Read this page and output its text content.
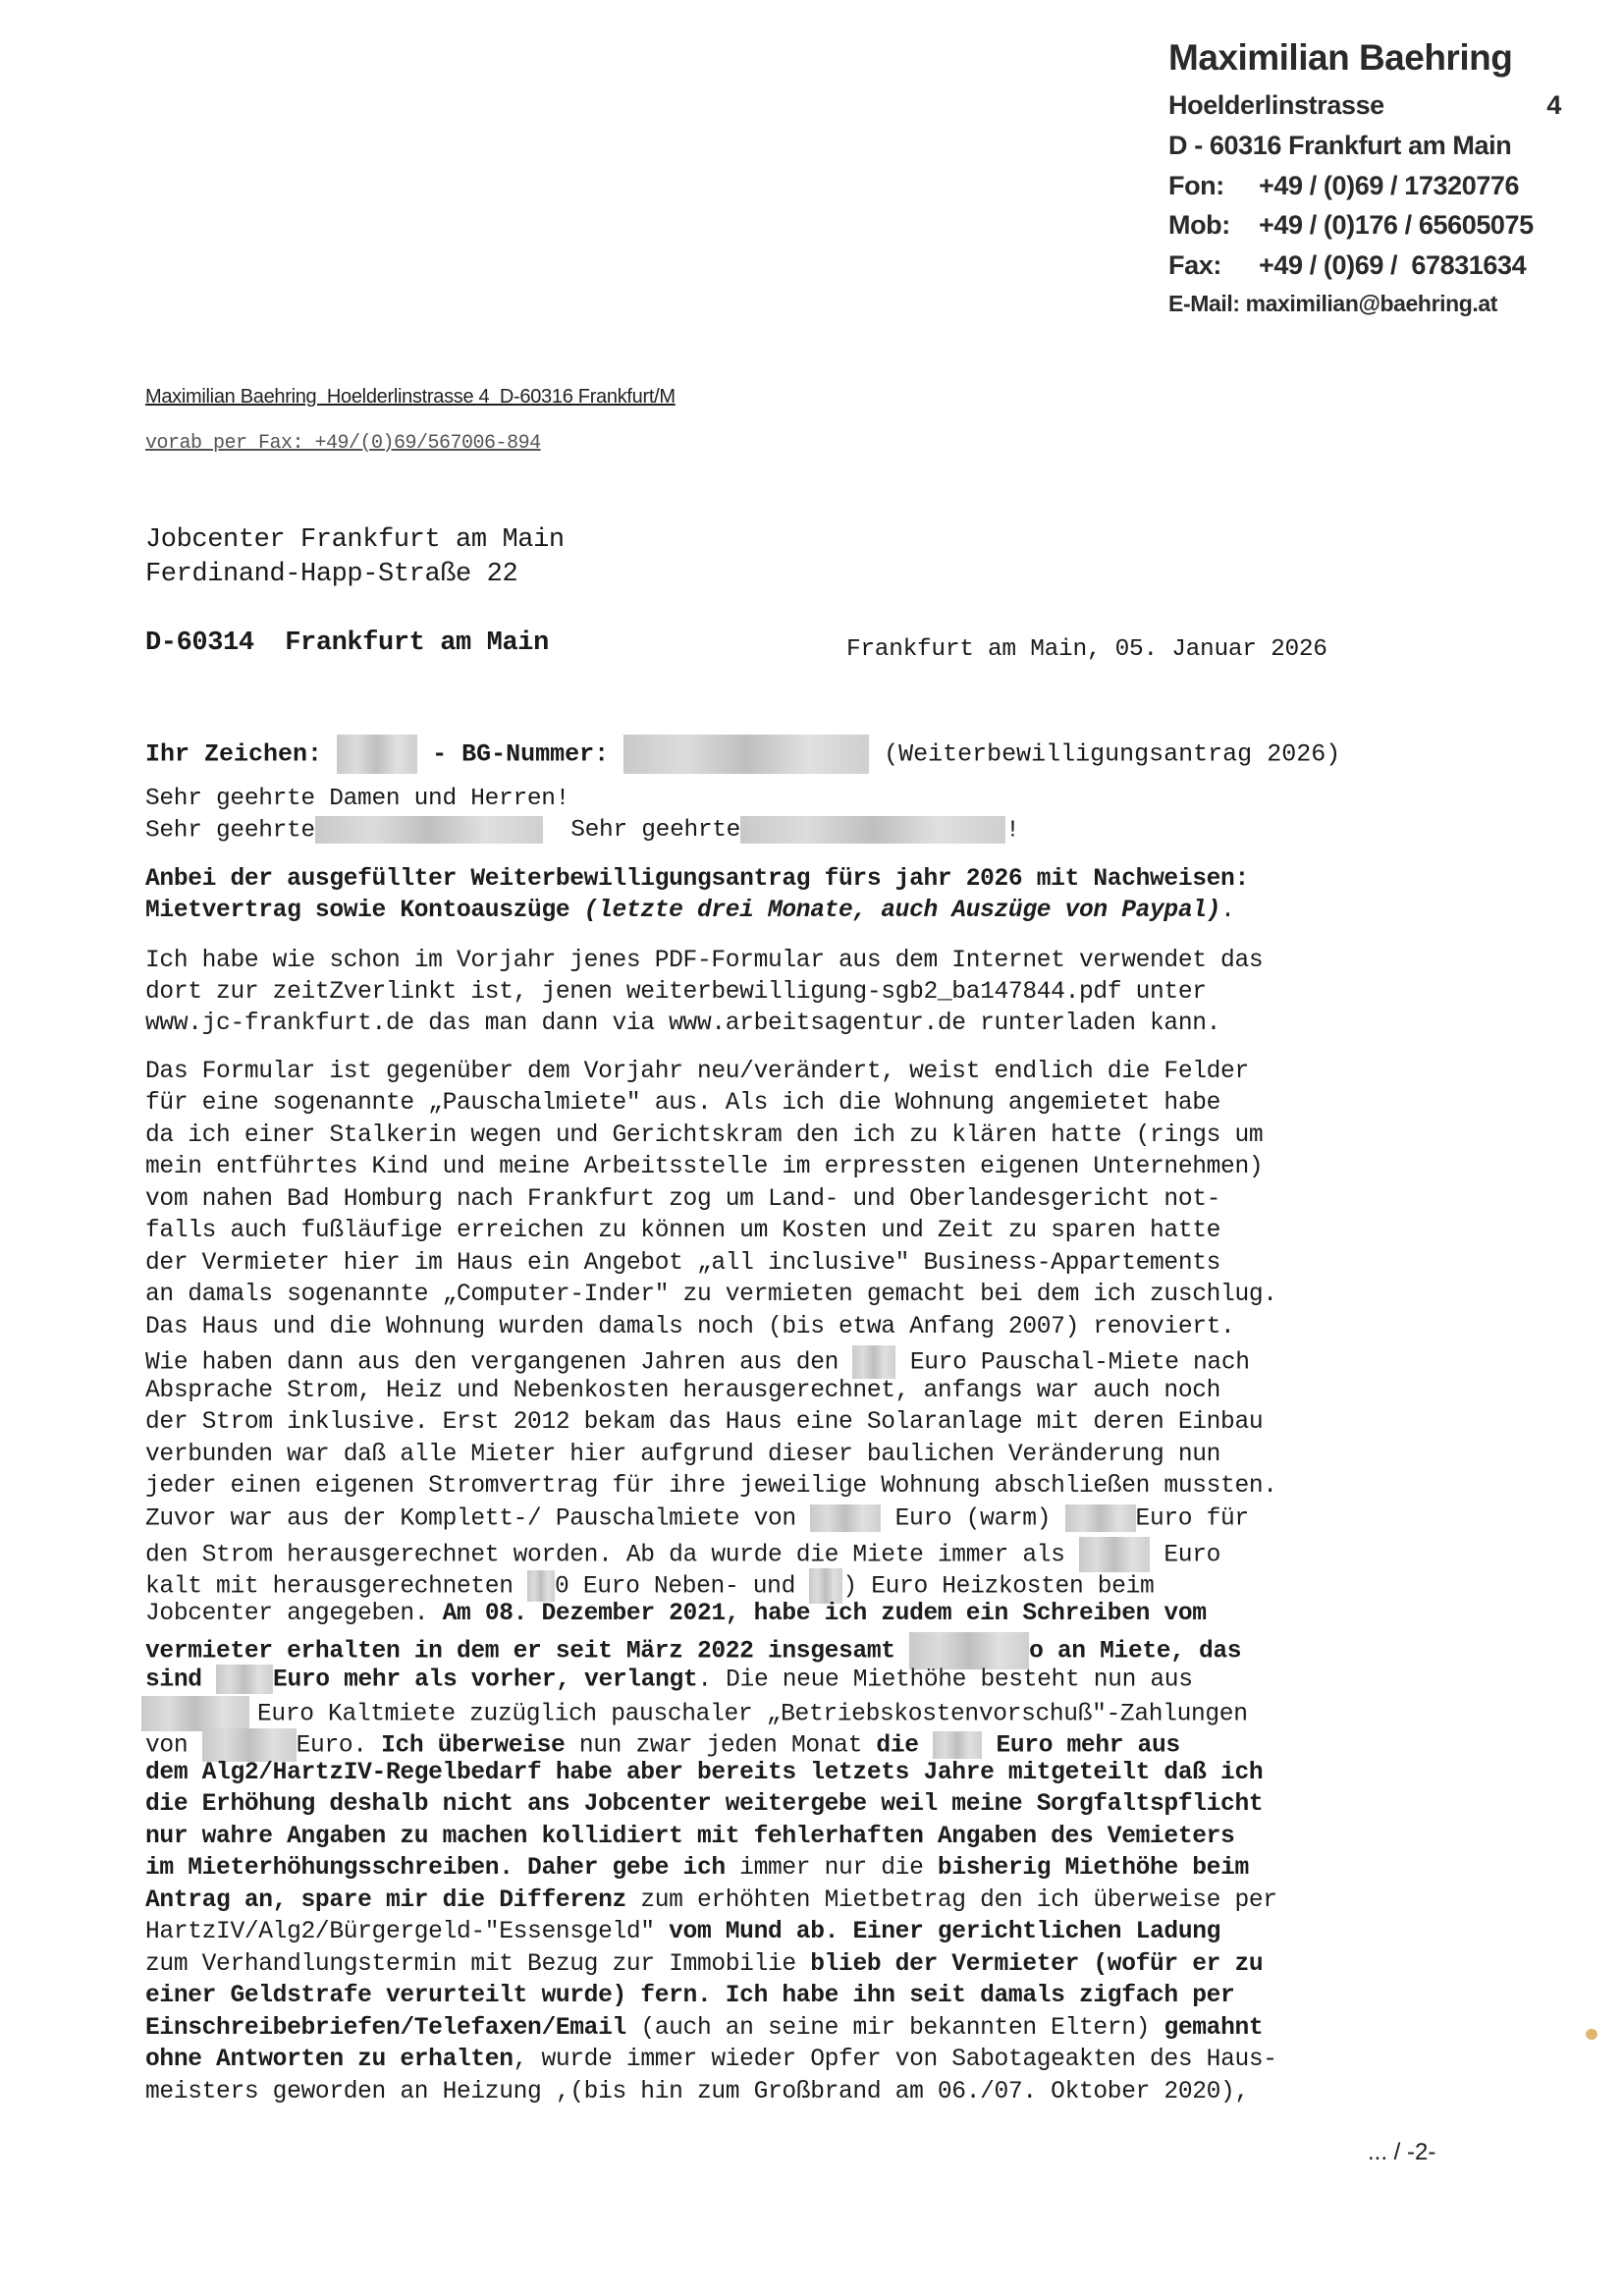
Maximilian Baehring
Hoelderlinstrasse	4
D - 60316 Frankfurt am Main
Fon:	+49 / (0)69 / 17320776
Mob:	+49 / (0)176 / 65605075
Fax:	+49 / (0)69 /  67831634
E-Mail: maximilian@baehring.at
Maximilian Baehring  Hoelderlinstrasse 4  D-60316 Frankfurt/M
vorab per Fax: +49/(0)69/567006-894
Jobcenter Frankfurt am Main
Ferdinand-Happ-Straße 22
D-60314  Frankfurt am Main	Frankfurt am Main, 05. Januar 2026
Ihr Zeichen:	- BG-Nummer:	(Weiterbewilligungsantrag 2026)
Sehr geehrte Damen und Herren!
Sehr geehrte	Sehr geehrte	!
Anbei der ausgefüllter Weiterbewilligungsantrag fürs jahr 2026 mit Nachweisen:
Mietvertrag sowie Kontoauszüge (letzte drei Monate, auch Auszüge von Paypal).
Ich habe wie schon im Vorjahr jenes PDF-Formular aus dem Internet verwendet das
dort zur zeitZverlinkt ist, jenen weiterbewilligung-sgb2_ba147844.pdf unter
www.jc-frankfurt.de das man dann via www.arbeitsagentur.de runterladen kann.
Das Formular ist gegenüber dem Vorjahr neu/verändert, weist endlich die Felder
für eine sogenannte „Pauschalmiete" aus. Als ich die Wohnung angemietet habe
da ich einer Stalkerin wegen und Gerichtskram den ich zu klären hatte (rings um
mein entführtes Kind und meine Arbeitsstelle im erpressten eigenen Unternehmen)
vom nahen Bad Homburg nach Frankfurt zog um Land- und Oberlandesgericht not-
falls auch fußläufige erreichen zu können um Kosten und Zeit zu sparen hatte
der Vermieter hier im Haus ein Angebot „all inclusive" Business-Appartements
an damals sogenannte „Computer-Inder" zu vermieten gemacht bei dem ich zuschlug.
Das Haus und die Wohnung wurden damals noch (bis etwa Anfang 2007) renoviert.
Wie haben dann aus den vergangenen Jahren aus den  Euro Pauschal-Miete nach
Absprache Strom, Heiz und Nebenkosten herausgerechnet, anfangs war auch noch
der Strom inklusive. Erst 2012 bekam das Haus eine Solaranlage mit deren Einbau
verbunden war daß alle Mieter hier aufgrund dieser baulichen Veränderung nun
jeder einen eigenen Stromvertrag für ihre jeweilige Wohnung abschließen mussten.
Zuvor war aus der Komplett-/ Pauschalmiete von	Euro (warm)	Euro für
den Strom herausgerechnet worden. Ab da wurde die Miete immer als	Euro
kalt mit herausgerechneten 0 Euro Neben- und ) Euro Heizkosten beim
Jobcenter angegeben. Am 08. Dezember 2021, habe ich zudem ein Schreiben vom
vermieter erhalten in dem er seit März 2022 insgesamt	o an Miete, das
sind Euro mehr als vorher, verlangt. Die neue Miethöhe besteht nun aus
Euro Kaltmiete zuzüglich pauschaler „Betriebskostenvorschuß"-Zahlungen
von	Euro. Ich überweise nun zwar jeden Monat die  Euro mehr aus
dem Alg2/HartzIV-Regelbedarf habe aber bereits letzets Jahre mitgeteilt daß ich
die Erhöhung deshalb nicht ans Jobcenter weitergebe weil meine Sorgfaltspflicht
nur wahre Angaben zu machen kollidiert mit fehlerhaften Angaben des Vemieters
im Mieterhöhungsschreiben. Daher gebe ich immer nur die bisherig Miethöhe beim
Antrag an, spare mir die Differenz zum erhöhten Mietbetrag den ich überweise per
HartzIV/Alg2/Bürgergeld-"Essensgeld" vom Mund ab. Einer gerichtlichen Ladung
zum Verhandlungstermin mit Bezug zur Immobilie blieb der Vermieter (wofür er zu
einer Geldstrafe verurteilt wurde) fern. Ich habe ihn seit damals zigfach per
Einschreibebriefen/Telefaxen/Email (auch an seine mir bekannten Eltern) gemahnt
ohne Antworten zu erhalten, wurde immer wieder Opfer von Sabotageakten des Haus-
meisters geworden an Heizung ,(bis hin zum Großbrand am 06./07. Oktober 2020),
... / -2-
